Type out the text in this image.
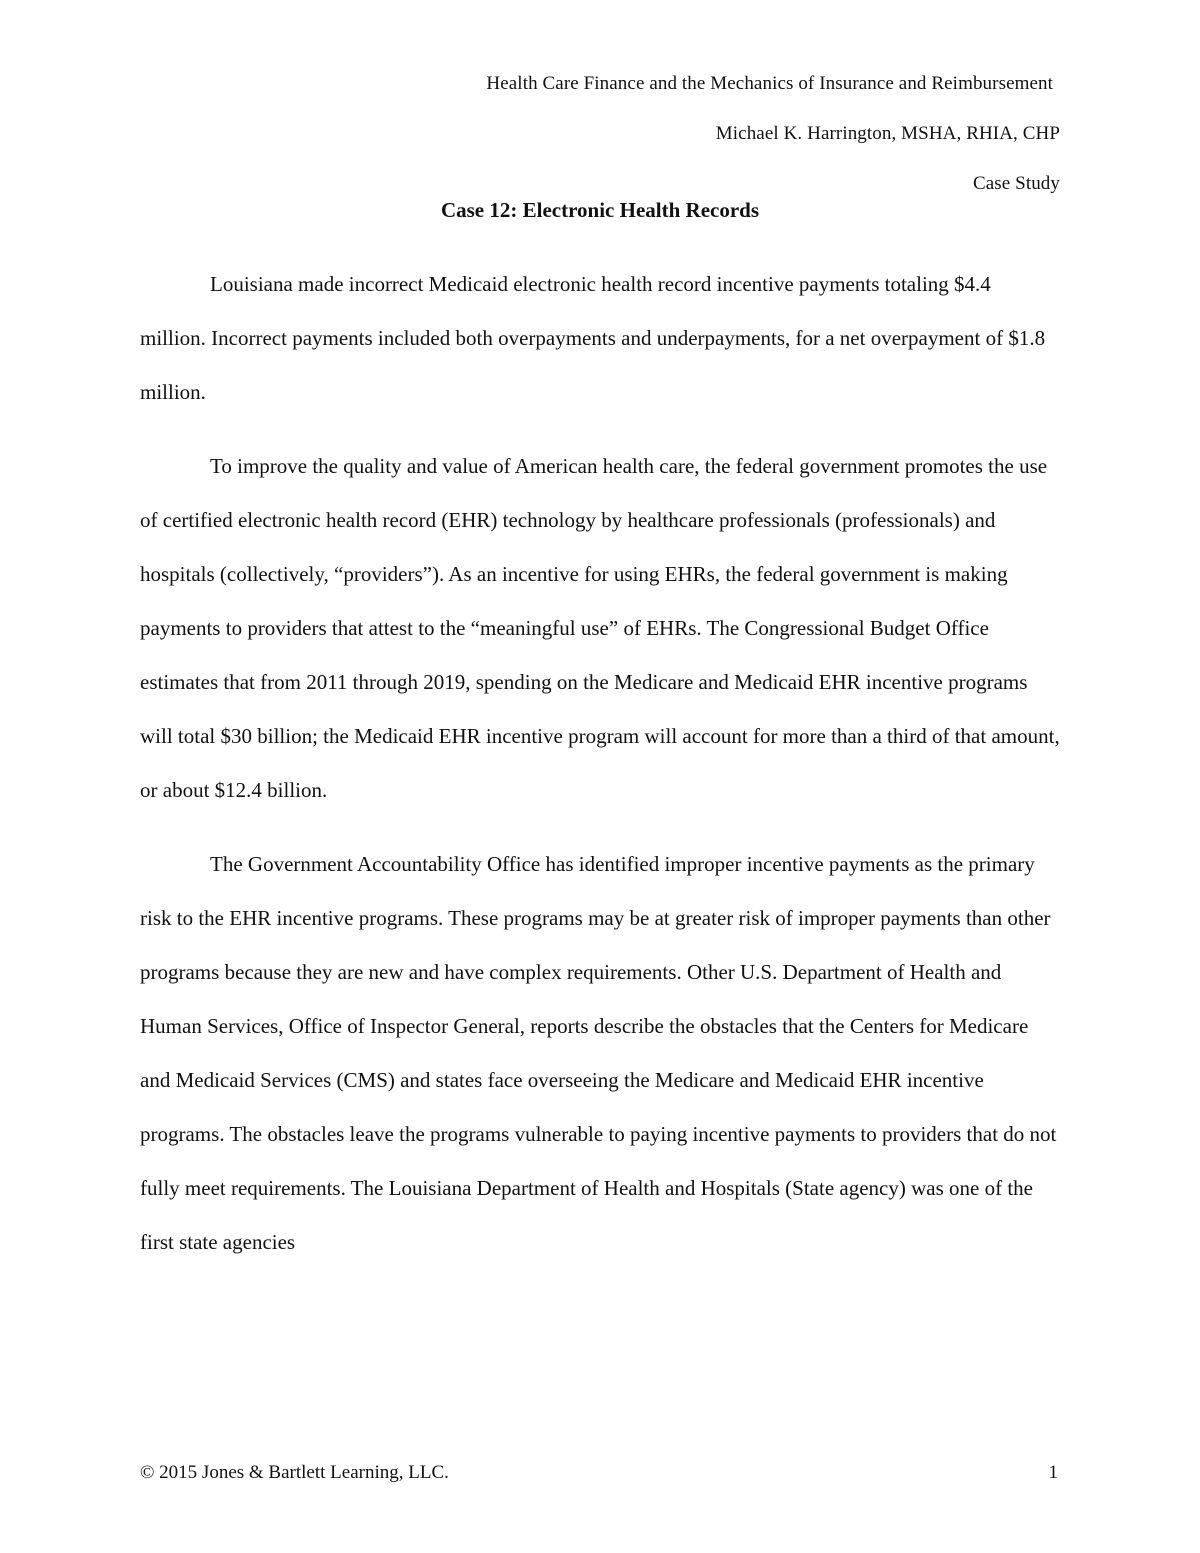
Health Care Finance and the Mechanics of Insurance and Reimbursement
Michael K. Harrington, MSHA, RHIA, CHP
Case Study
Case 12: Electronic Health Records

Louisiana made incorrect Medicaid electronic health record incentive payments totaling $4.4 million. Incorrect payments included both overpayments and underpayments, for a net overpayment of $1.8 million.

To improve the quality and value of American health care, the federal government promotes the use of certified electronic health record (EHR) technology by healthcare professionals (professionals) and hospitals (collectively, “providers”). As an incentive for using EHRs, the federal government is making payments to providers that attest to the “meaningful use” of EHRs. The Congressional Budget Office estimates that from 2011 through 2019, spending on the Medicare and Medicaid EHR incentive programs will total $30 billion; the Medicaid EHR incentive program will account for more than a third of that amount, or about $12.4 billion.

The Government Accountability Office has identified improper incentive payments as the primary risk to the EHR incentive programs. These programs may be at greater risk of improper payments than other programs because they are new and have complex requirements. Other U.S. Department of Health and Human Services, Office of Inspector General, reports describe the obstacles that the Centers for Medicare and Medicaid Services (CMS) and states face overseeing the Medicare and Medicaid EHR incentive programs. The obstacles leave the programs vulnerable to paying incentive payments to providers that do not fully meet requirements. The Louisiana Department of Health and Hospitals (State agency) was one of the first state agencies

© 2015 Jones & Bartlett Learning, LLC.	1
